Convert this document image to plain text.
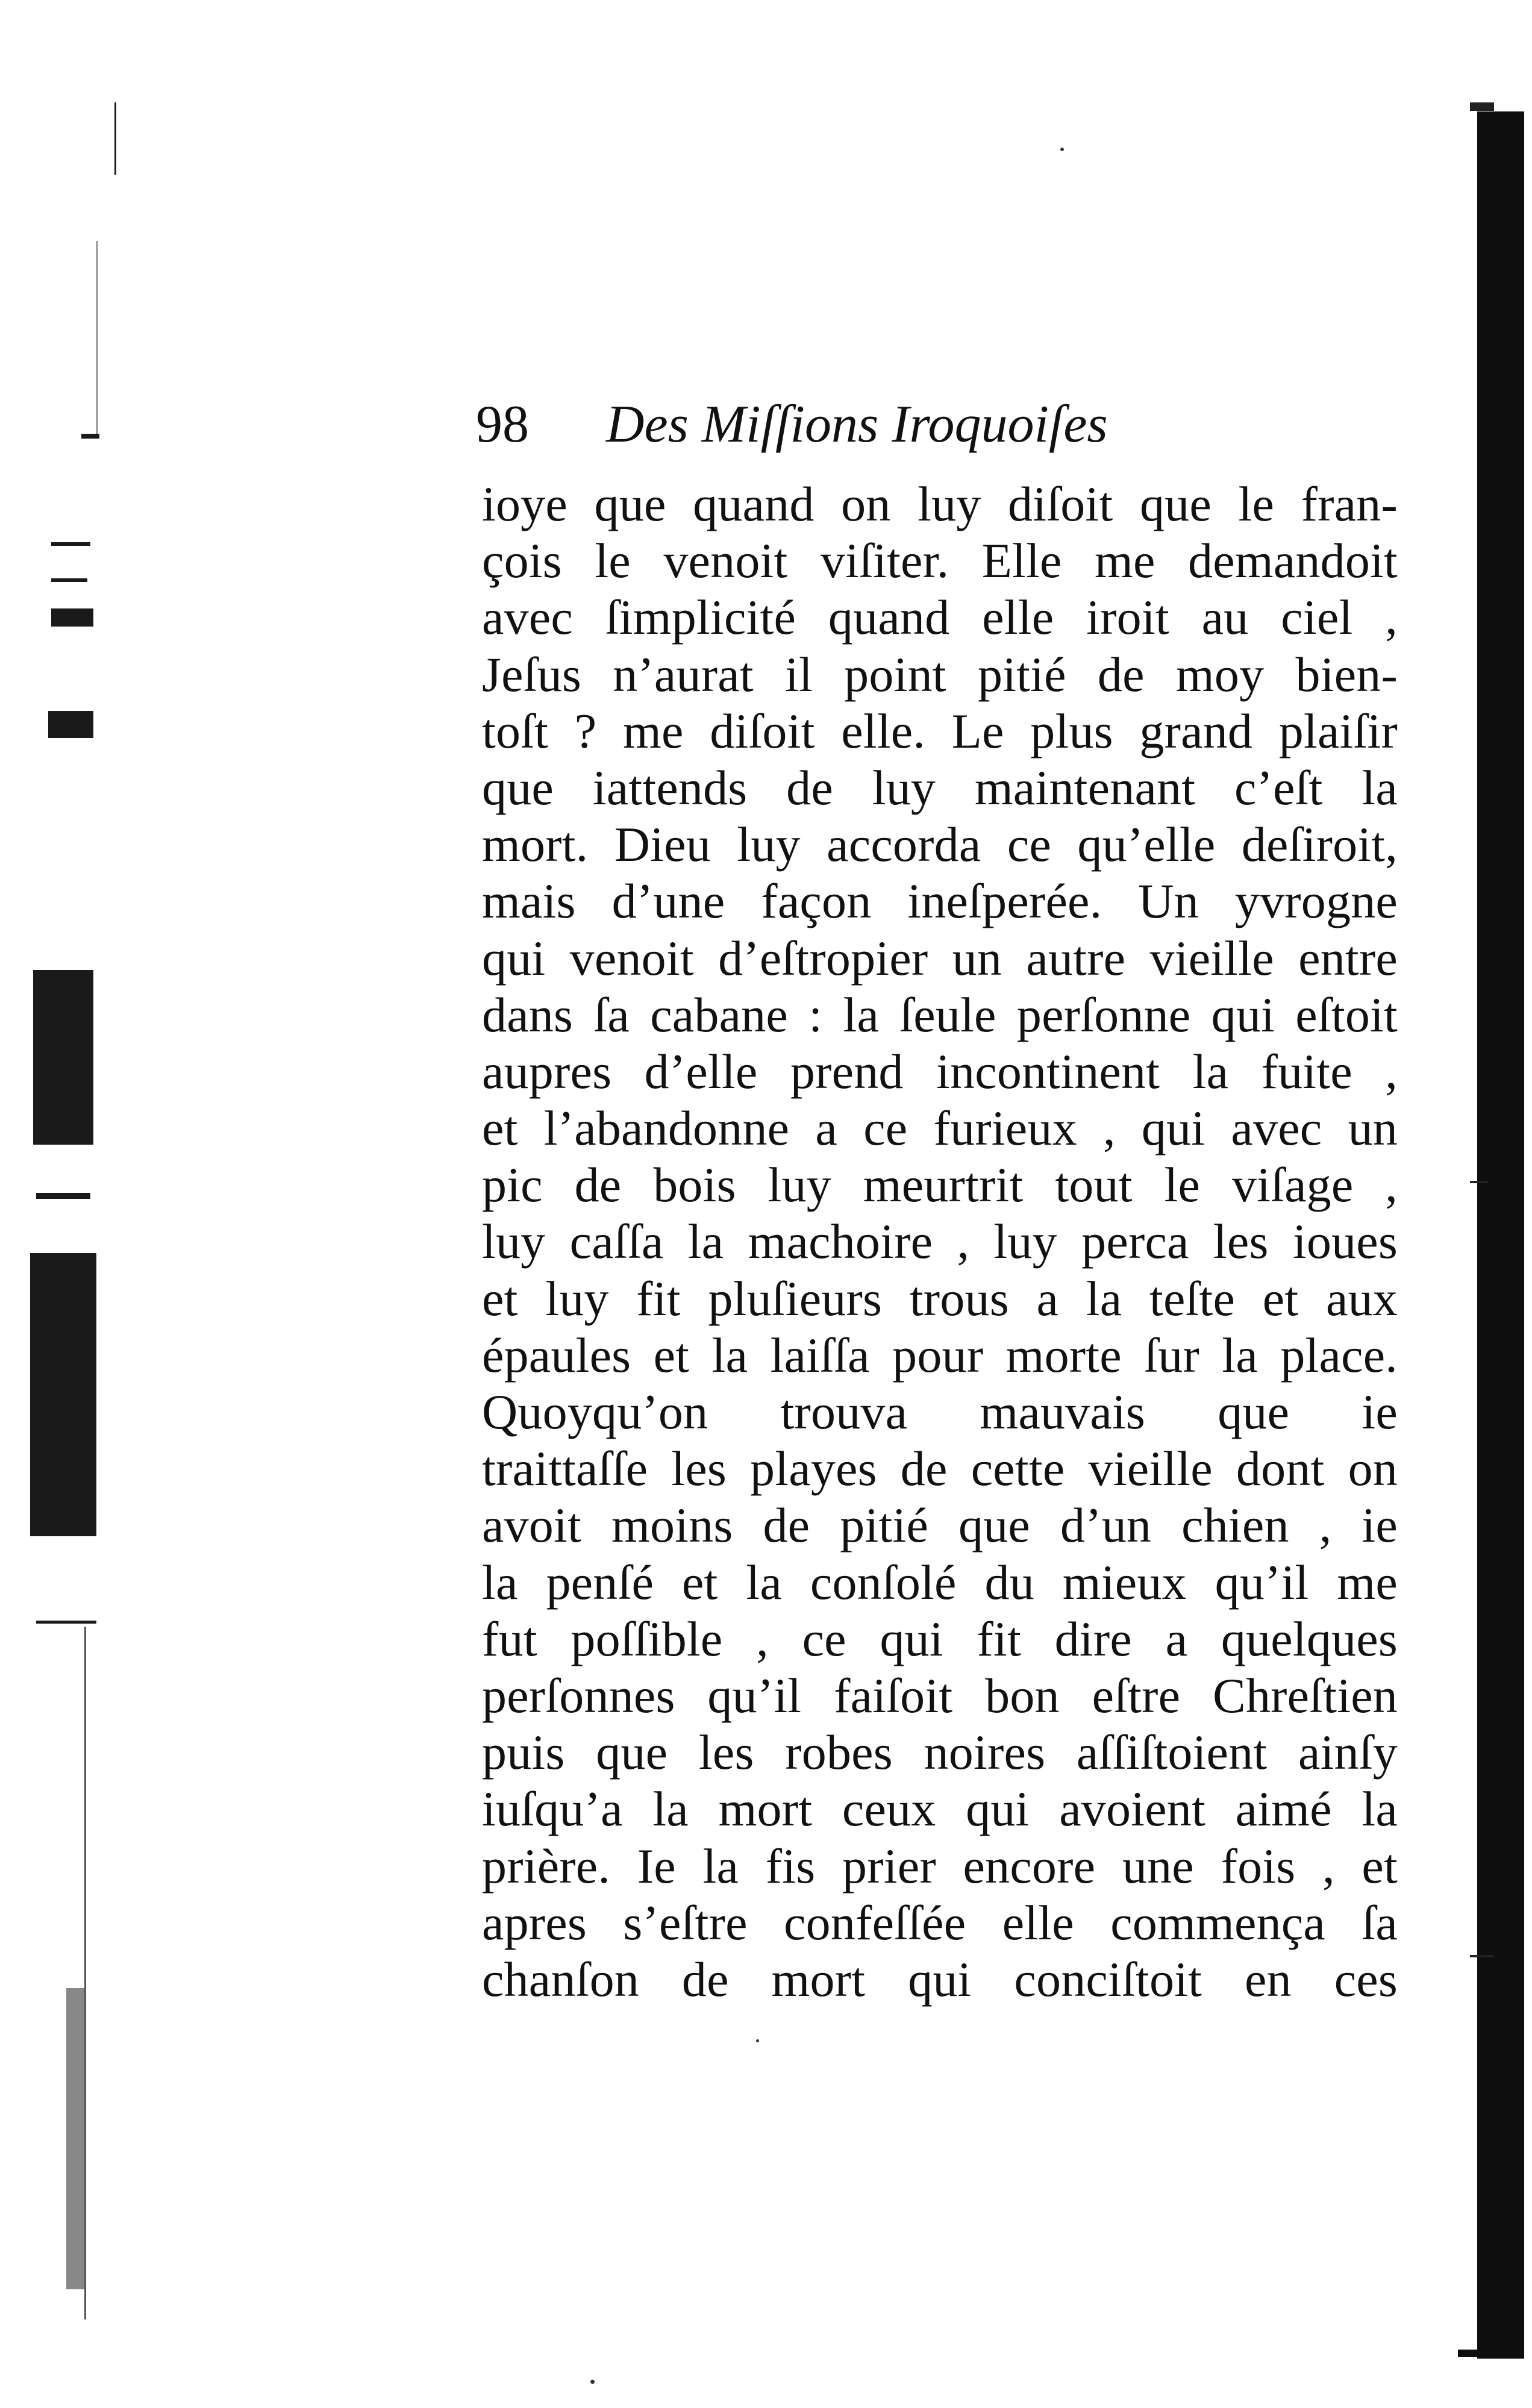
98 Des Miſſions Iroquoiſes
ioye que quand on luy diſoit que le fran-
çois le venoit viſiter. Elle me demandoit
avec ſimplicité quand elle iroit au ciel ,
Jeſus n’aurat il point pitié de moy bien-
toſt ? me diſoit elle. Le plus grand plaiſir
que iattends de luy maintenant c’eſt la
mort. Dieu luy accorda ce qu’elle deſiroit,
mais d’une façon ineſperée. Un yvrogne
qui venoit d’eſtropier un autre vieille entre
dans ſa cabane : la ſeule perſonne qui eſtoit
aupres d’elle prend incontinent la fuite ,
et l’abandonne a ce furieux , qui avec un
pic de bois luy meurtrit tout le viſage ,
luy caſſa la machoire , luy perca les ioues
et luy fit pluſieurs trous a la teſte et aux
épaules et la laiſſa pour morte ſur la place.
Quoyqu’on trouva mauvais que ie
traittaſſe les playes de cette vieille dont on
avoit moins de pitié que d’un chien , ie
la penſé et la conſolé du mieux qu’il me
fut poſſible , ce qui fit dire a quelques
perſonnes qu’il faiſoit bon eſtre Chreſtien
puis que les robes noires aſſiſtoient ainſy
iuſqu’a la mort ceux qui avoient aimé la
prière. Ie la fis prier encore une fois , et
apres s’eſtre confeſſée elle commença ſa
chanſon de mort qui conciſtoit en ces
